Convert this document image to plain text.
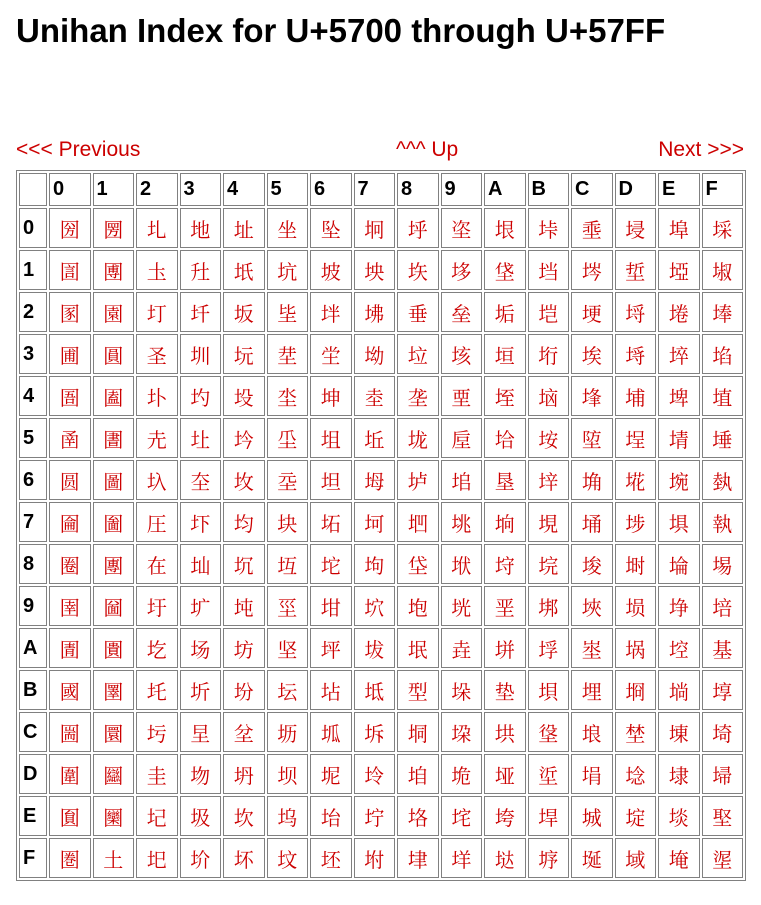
Unihan Index for U+5700 through U+57FF
<<< Previous	^^^ Up	Next >>>
	0	1	2	3	4	5	6	7	8	9	A	B	C	D	E	F
0	圀	圐	圠	地	址	坐	坠	坰	垀	垐	垠	垰	埀	埐	埠	埰
1	圁	圑	圡	圱	坁	坑	坡	坱	垁	垑	垡	垱	埁	埑	埡	埱
2	圂	園	圢	圲	坂	坒	坢	坲	垂	垒	垢	垲	埂	埒	埢	埲
3	圃	圓	圣	圳	坃	坓	坣	坳	垃	垓	垣	垳	埃	埓	埣	埳
4	圄	圔	圤	圴	坄	坔	坤	坴	垄	垔	垤	垴	埄	埔	埤	埴
5	圅	圕	圥	圵	坅	坕	坥	坵	垅	垕	垥	垵	埅	埕	埥	埵
6	圆	圖	圦	圶	坆	坖	坦	坶	垆	垖	垦	垶	埆	埖	埦	埶
7	圇	圗	圧	圷	均	块	坧	坷	垇	垗	垧	垷	埇	埗	埧	執
8	圈	團	在	圸	坈	坘	坨	坸	垈	垘	垨	垸	埈	埘	埨	埸
9	圉	圙	圩	圹	坉	坙	坩	坹	垉	垙	垩	垹	埉	埙	埩	培
A	圊	圚	圪	场	坊	坚	坪	坺	垊	垚	垪	垺	埊	埚	埪	基
B	國	圛	圫	圻	坋	坛	坫	坻	型	垛	垫	垻	埋	埛	埫	埻
C	圌	圜	圬	圼	坌	坜	坬	坼	垌	垜	垬	垼	埌	埜	埬	埼
D	圍	圝	圭	圽	坍	坝	坭	坽	垍	垝	垭	垽	埍	埝	埭	埽
E	圎	圞	圮	圾	坎	坞	坮	坾	垎	垞	垮	垾	城	埞	埮	埾
F	圏	土	圯	圿	坏	坟	坯	坿	垏	垟	垯	垿	埏	域	埯	埿
